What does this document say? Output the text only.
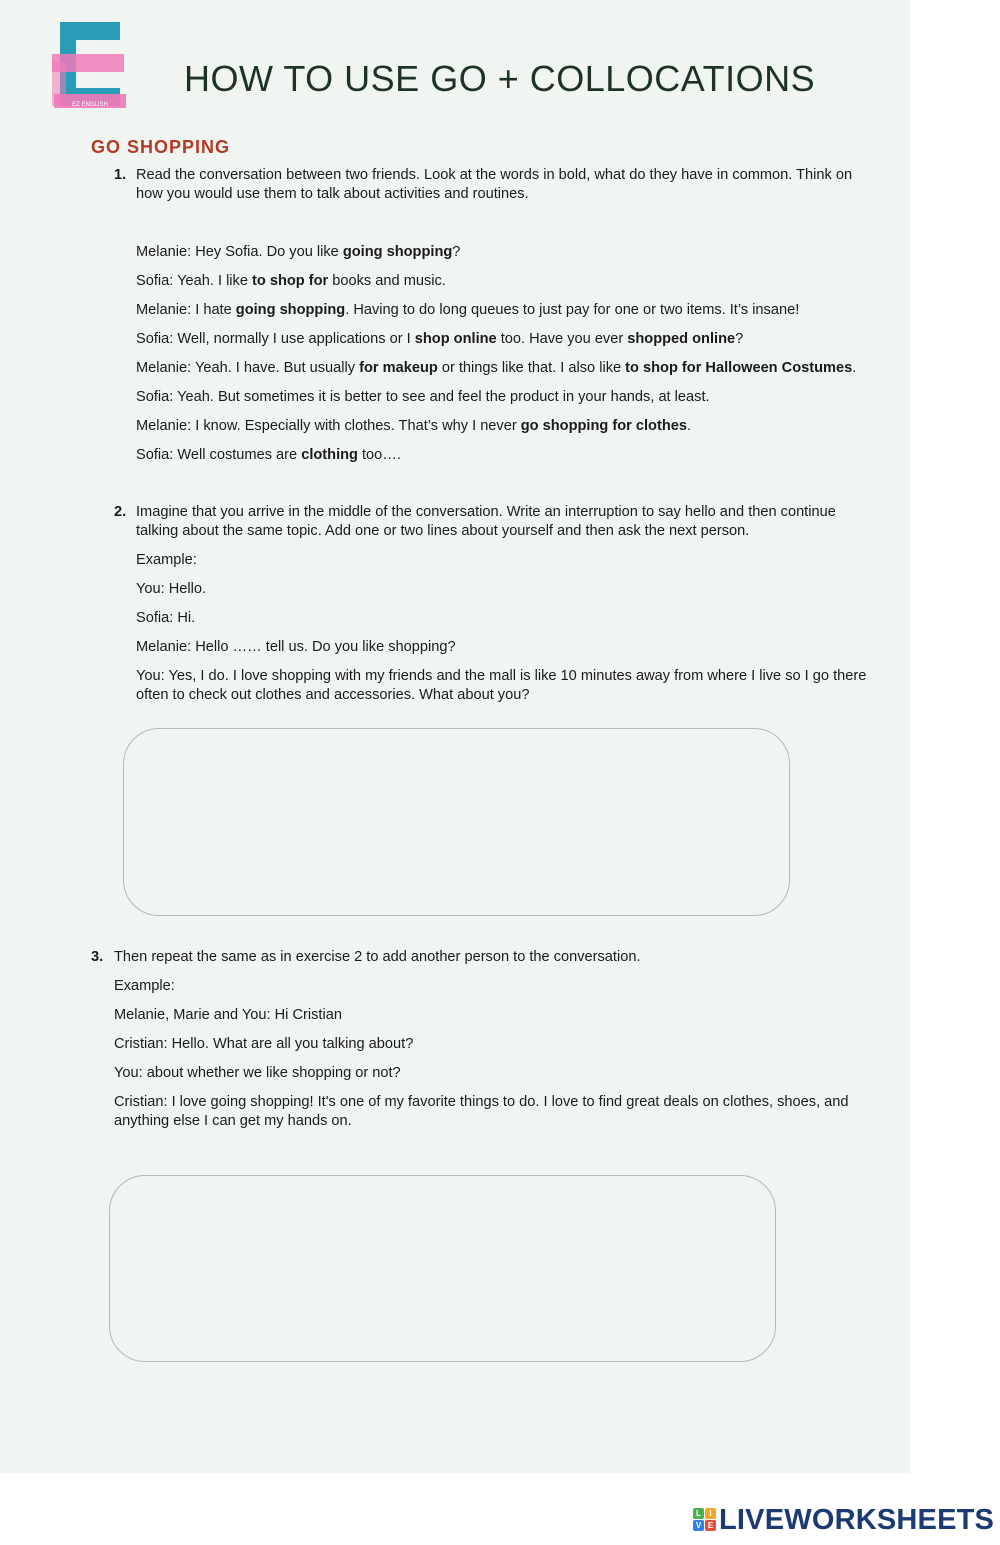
EZ ENGLISH
HOW TO USE GO + COLLOCATIONS
GO SHOPPING
1. Read the conversation between two friends. Look at the words in bold, what do they have in common. Think on

how you would use them to talk about activities and routines.

Melanie: Hey Sofia. Do you like going shopping?

Sofia: Yeah. I like to shop for books and music.

Melanie: I hate going shopping. Having to do long queues to just pay for one or two items. It’s insane!

Sofia: Well, normally I use applications or I shop online too. Have you ever shopped online?

Melanie: Yeah. I have. But usually for makeup or things like that. I also like to shop for Halloween Costumes.

Sofia: Yeah. But sometimes it is better to see and feel the product in your hands, at least.

Melanie: I know. Especially with clothes. That’s why I never go shopping for clothes.

Sofia: Well costumes are clothing too….

2. Imagine that you arrive in the middle of the conversation. Write an interruption to say hello and then continue

talking about the same topic. Add one or two lines about yourself and then ask the next person.

Example:

You: Hello.

Sofia: Hi.

Melanie: Hello …… tell us. Do you like shopping?

You: Yes, I do. I love shopping with my friends and the mall is like 10 minutes away from where I live so I go there

often to check out clothes and accessories. What about you?

3. Then repeat the same as in exercise 2 to add another person to the conversation.

Example:

Melanie, Marie and You: Hi Cristian

Cristian: Hello. What are all you talking about?

You: about whether we like shopping or not?

Cristian: I love going shopping! It's one of my favorite things to do. I love to find great deals on clothes, shoes, and

anything else I can get my hands on.

L	I
V E LIVEWORKSHEETS
